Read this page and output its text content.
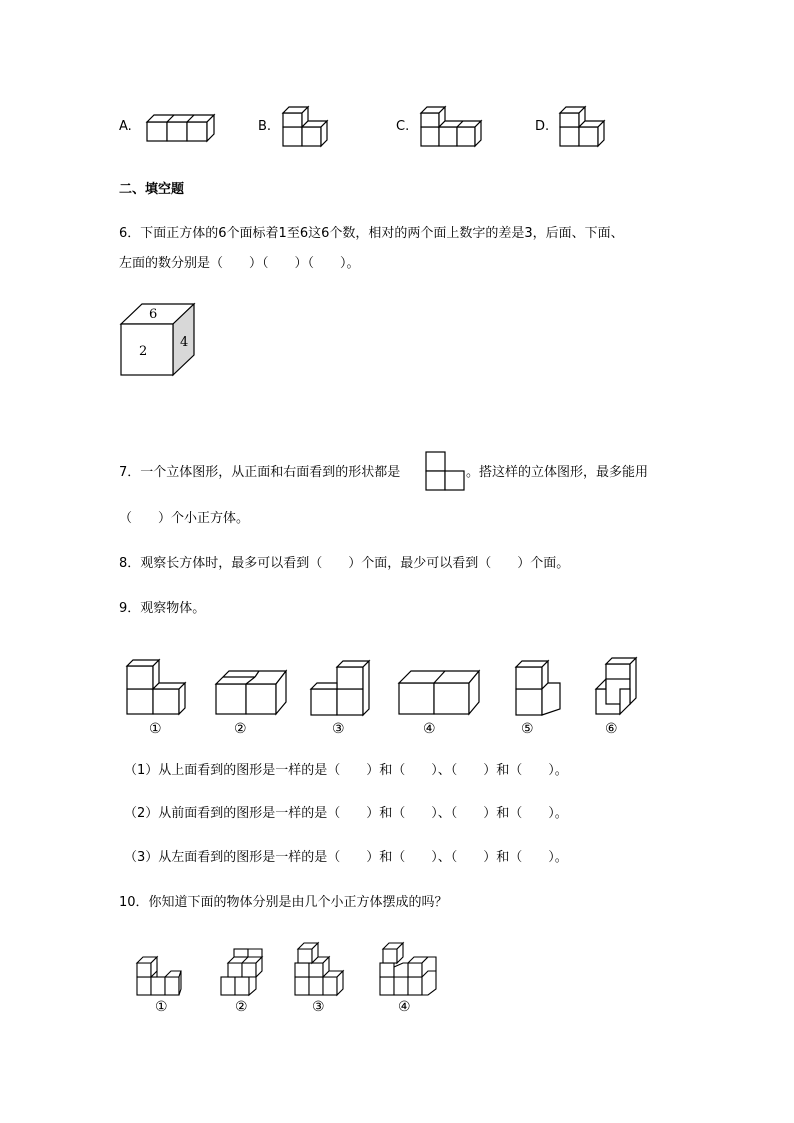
A.	B.	C.	D.
二、填空题
6．下面正方体的6个面标着1至6这6个数，相对的两个面上数字的差是3，后面、下面、
左面的数分别是（　　）（　　）（　　）。
6
2
4
7．一个立体图形，从正面和右面看到的形状都是	。搭这样的立体图形，最多能用
（　　）个小正方体。
8．观察长方体时，最多可以看到（　　）个面，最少可以看到（　　）个面。
9．观察物体。
①	②	③	④	⑤	⑥
（1）从上面看到的图形是一样的是（　　）和（　　）、（　　）和（　　）。
（2）从前面看到的图形是一样的是（　　）和（　　）、（　　）和（　　）。
（3）从左面看到的图形是一样的是（　　）和（　　）、（　　）和（　　）。
10．你知道下面的物体分别是由几个小正方体摆成的吗？
①	②	③	④
